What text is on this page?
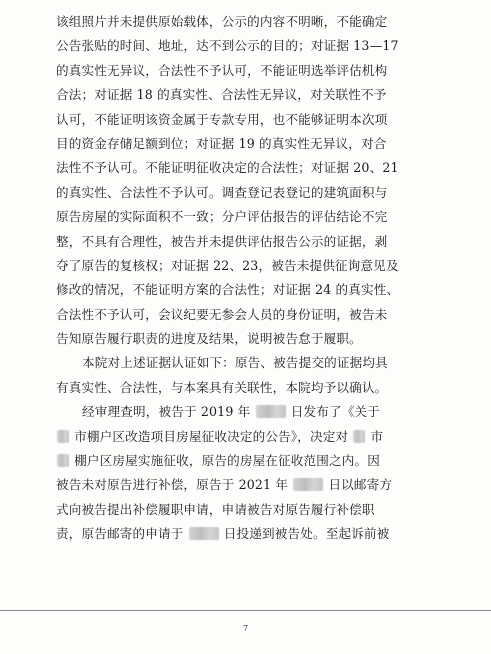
该组照片并未提供原始载体，公示的内容不明晰，不能确定
公告张贴的时间、地址，达不到公示的目的；对证据 13—17
的真实性无异议，合法性不予认可，不能证明选举评估机构
合法；对证据 18 的真实性、合法性无异议，对关联性不予
认可，不能证明该资金属于专款专用，也不能够证明本次项
目的资金存储足额到位；对证据 19 的真实性无异议，对合
法性不予认可。不能证明征收决定的合法性；对证据 20、21
的真实性、合法性不予认可。调查登记表登记的建筑面积与
原告房屋的实际面积不一致；分户评估报告的评估结论不完
整，不具有合理性，被告并未提供评估报告公示的证据，剥
夺了原告的复核权；对证据 22、23，被告未提供征询意见及
修改的情况，不能证明方案的合法性；对证据 24 的真实性、
合法性不予认可，会议纪要无参会人员的身份证明，被告未
告知原告履行职责的进度及结果，说明被告怠于履职。
本院对上述证据认证如下：原告、被告提交的证据均具
有真实性、合法性，与本案具有关联性，本院均予以确认。
经审理查明，被告于 2019 年	日发布了《关于
市棚户区改造项目房屋征收决定的公告》，决定对 市
棚户区房屋实施征收，原告的房屋在征收范围之内。因
被告未对原告进行补偿，原告于 2021 年	日以邮寄方
式向被告提出补偿履职申请，申请被告对原告履行补偿职
责，原告邮寄的申请于	日投递到被告处。至起诉前被
7
